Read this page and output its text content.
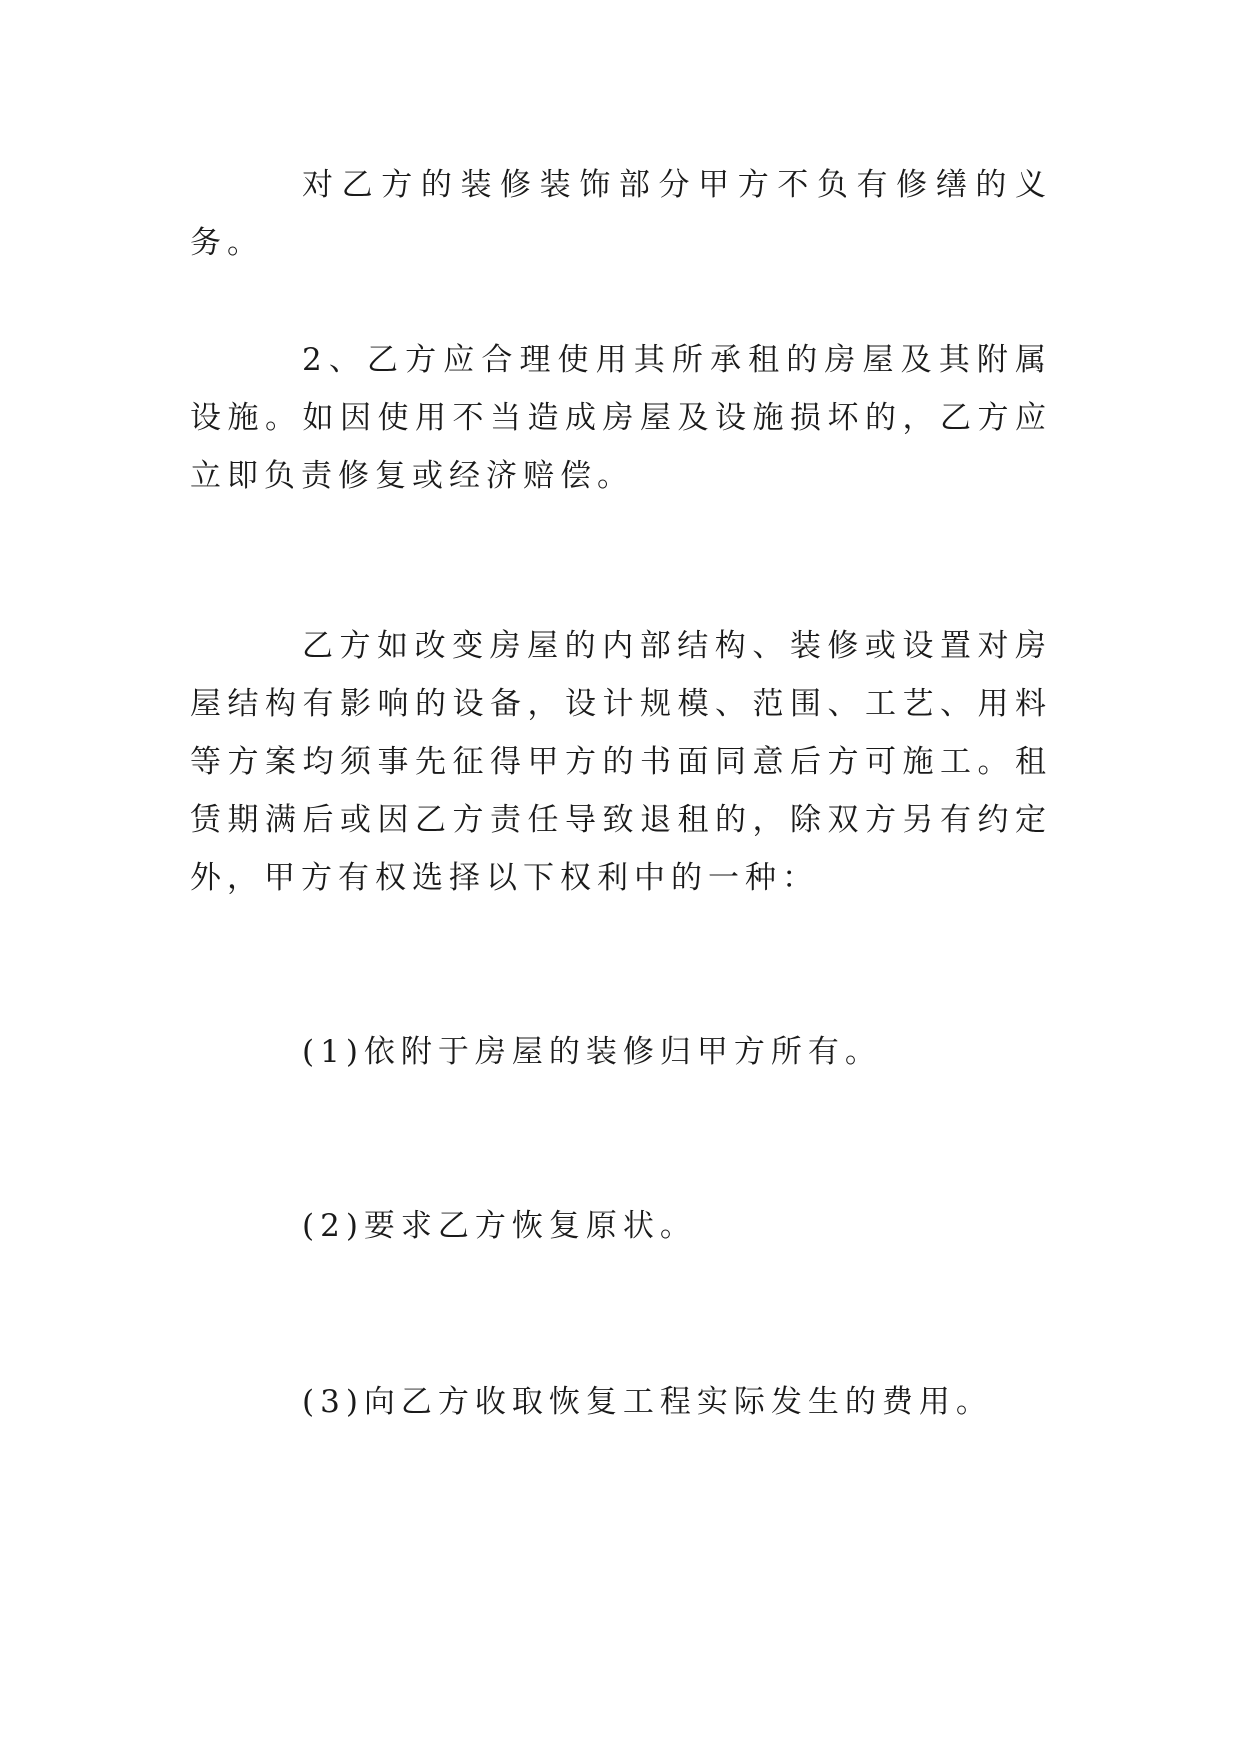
对乙方的装修装饰部分甲方不负有修缮的义务。

2、乙方应合理使用其所承租的房屋及其附属设施。如因使用不当造成房屋及设施损坏的，乙方应立即负责修复或经济赔偿。

乙方如改变房屋的内部结构、装修或设置对房屋结构有影响的设备，设计规模、范围、工艺、用料等方案均须事先征得甲方的书面同意后方可施工。租赁期满后或因乙方责任导致退租的，除双方另有约定外，甲方有权选择以下权利中的一种：

(1)依附于房屋的装修归甲方所有。

(2)要求乙方恢复原状。

(3)向乙方收取恢复工程实际发生的费用。
